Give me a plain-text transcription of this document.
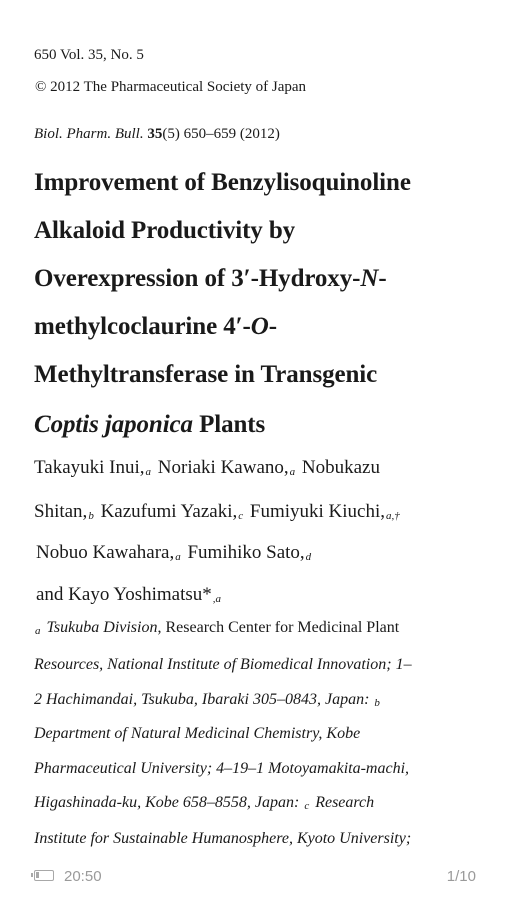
650 Vol. 35, No. 5
© 2012 The Pharmaceutical Society of Japan
Biol. Pharm. Bull. 35(5) 650–659 (2012)
Improvement of Benzylisoquinoline
Alkaloid Productivity by
Overexpression of 3′-Hydroxy-N-
methylcoclaurine 4′-O-
Methyltransferase in Transgenic
Coptis japonica Plants
Takayuki $Inui,_a$ Noriaki $Kawano,_a$ Nobukazu
$Shitan,_b$ Kazufumi $Yazaki,_c$ Fumiyuki $Kiuchi,_{a,\dagger}$
Nobuo $Kawahara,_a$ Fumihiko $Sato,_d$
and Kayo $Yoshimatsu*_{,a}$
$_a$ Tsukuba Division, Research Center for Medicinal Plant
Resources, National Institute of Biomedical Innovation; 1–
2 Hachimandai, Tsukuba, Ibaraki 305–0843, Japan: $_b$
Department of Natural Medicinal Chemistry, Kobe
Pharmaceutical University; 4–19–1 Motoyamakita-machi,
Higashinada-ku, Kobe 658–8558, Japan: $_c$ Research
Institute for Sustainable Humanosphere, Kyoto University;
20:50	1/10
